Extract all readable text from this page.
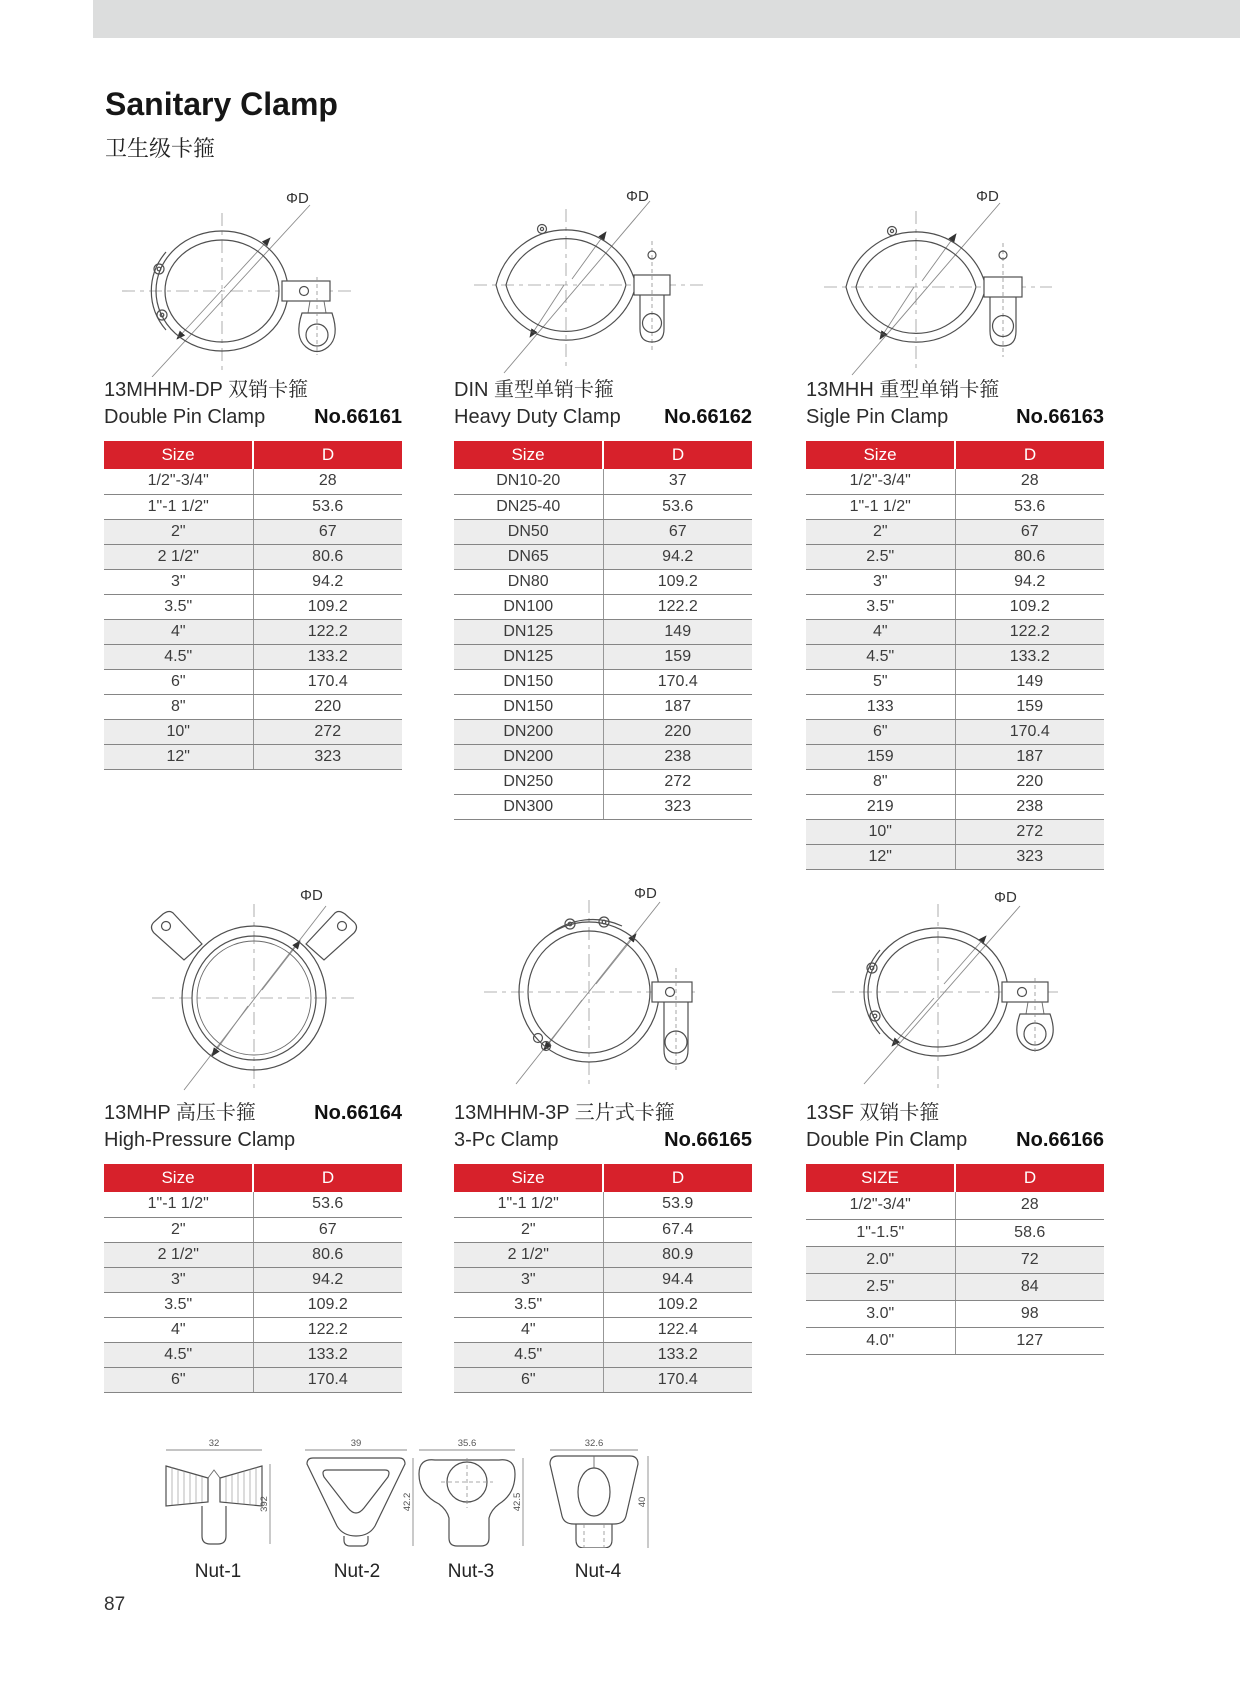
Sanitary Clamp
卫生级卡箍
ΦD
13MHHM-DP 双销卡箍
Double Pin Clamp No.66161
Size	D
1/2"-3/4"	28
1"-1 1/2"	53.6
2"	67
2 1/2"	80.6
3"	94.2
3.5"	109.2
4"	122.2
4.5"	133.2
6"	170.4
8"	220
10"	272
12"	323
ΦD
DIN 重型单销卡箍
Heavy Duty Clamp No.66162
Size	D
DN10-20	37
DN25-40	53.6
DN50	67
DN65	94.2
DN80	109.2
DN100	122.2
DN125	149
DN125	159
DN150	170.4
DN150	187
DN200	220
DN200	238
DN250	272
DN300	323
ΦD
13MHH 重型单销卡箍
Sigle Pin Clamp	No.66163
Size	D
1/2"-3/4"	28
1"-1 1/2"	53.6
2"	67
2.5"	80.6
3"	94.2
3.5"	109.2
4"	122.2
4.5"	133.2
5"	149
133	159
6"	170.4
159	187
8"	220
219	238
10"	272
12"	323
ΦD
13MHP 高压卡箍	No.66164
High-Pressure Clamp
Size	D
1"-1 1/2"	53.6
2"	67
2 1/2"	80.6
3"	94.2
3.5"	109.2
4"	122.2
4.5"	133.2
6"	170.4
ΦD
13MHHM-3P 三片式卡箍
3-Pc Clamp	No.66165
Size	D
1"-1 1/2"	53.9
2"	67.4
2 1/2"	80.9
3"	94.4
3.5"	109.2
4"	122.4
4.5"	133.2
6"	170.4
ΦD
13SF 双销卡箍
Double Pin Clamp No.66166
SIZE	D
1/2"-3/4"	28
1"-1.5"	58.6
2.0"	72
2.5"	84
3.0"	98
4.0"	127
32
392
Nut-1
39
42.2
Nut-2
35.6
42.5
Nut-3
32.6
40
Nut-4
87
